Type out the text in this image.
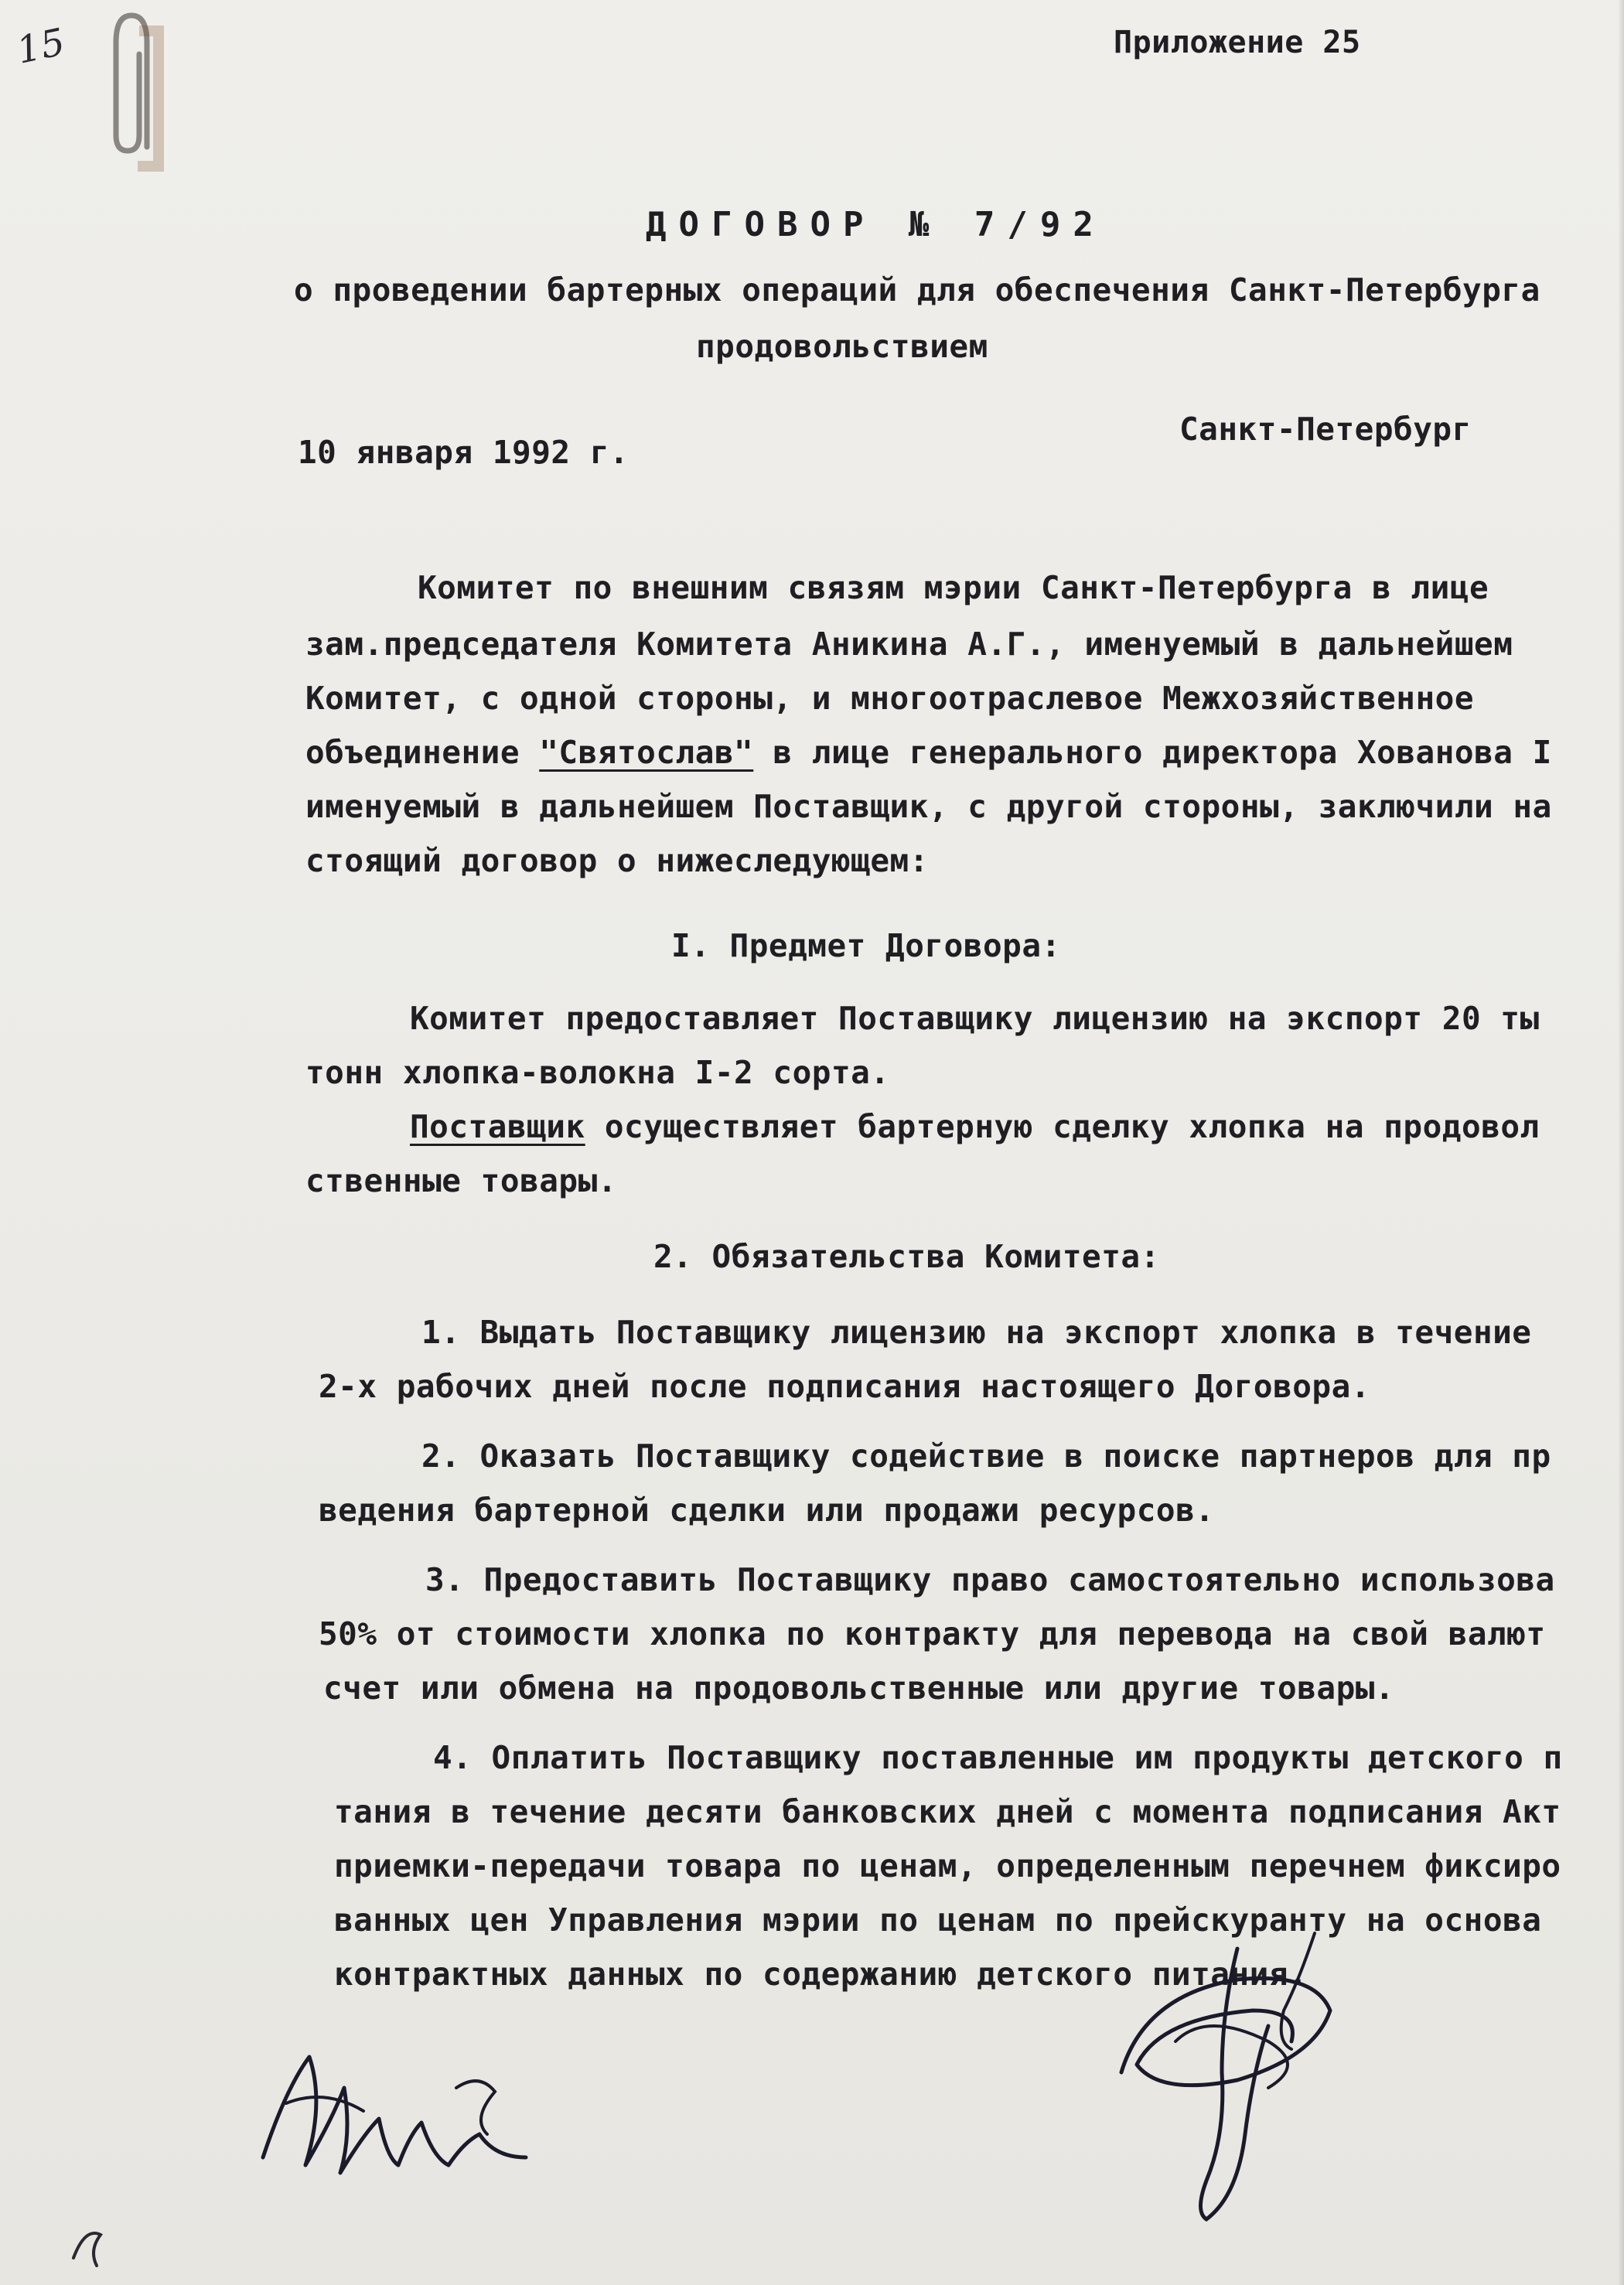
15	Приложение 25
ДОГОВОР № 7/92
о проведении бартерных операций для обеспечения Санкт-Петербурга
продовольствием
10 января 1992 г.
Санкт-Петербург
Комитет по внешним связям мэрии Санкт-Петербурга в лице
зам.председателя Комитета Аникина А.Г., именуемый в дальнейшем
Комитет, с одной стороны, и многоотраслевое Межхозяйственное
объединение "Святослав" в лице генерального директора Хованова I
именуемый в дальнейшем Поставщик, с другой стороны, заключили на
стоящий договор о нижеследующем:
I. Предмет Договора:
Комитет предоставляет Поставщику лицензию на экспорт 20 ты
тонн хлопка-волокна I-2 сорта.
Поставщик осуществляет бартерную сделку хлопка на продовол
ственные товары.
2. Обязательства Комитета:
1. Выдать Поставщику лицензию на экспорт хлопка в течение
2-х рабочих дней после подписания настоящего Договора.
2. Оказать Поставщику содействие в поиске партнеров для пр
ведения бартерной сделки или продажи ресурсов.
3. Предоставить Поставщику право самостоятельно использова
50% от стоимости хлопка по контракту для перевода на свой валют
счет или обмена на продовольственные или другие товары.
4. Оплатить Поставщику поставленные им продукты детского п
тания в течение десяти банковских дней с момента подписания Акт
приемки-передачи товара по ценам, определенным перечнем фиксиро
ванных цен Управления мэрии по ценам по прейскуранту на основа
контрактных данных по содержанию детского питания.
